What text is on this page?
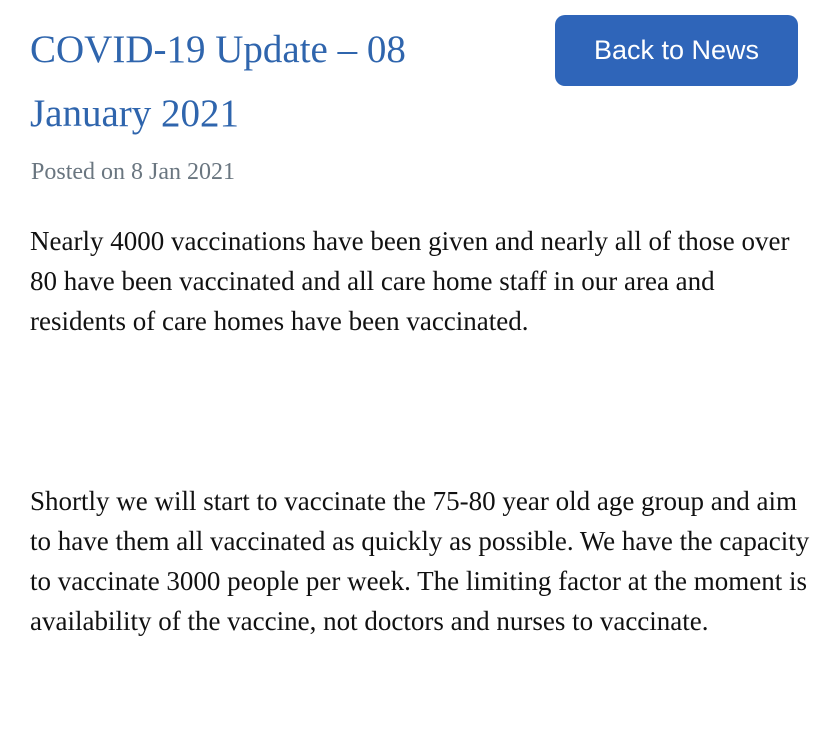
COVID-19 Update – 08 January 2021
Back to News

Posted on 8 Jan 2021

Nearly 4000 vaccinations have been given and nearly all of those over 80 have been vaccinated and all care home staff in our area and residents of care homes have been vaccinated.

Shortly we will start to vaccinate the 75-80 year old age group and aim to have them all vaccinated as quickly as possible. We have the capacity to vaccinate 3000 people per week. The limiting factor at the moment is availability of the vaccine, not doctors and nurses to vaccinate.
